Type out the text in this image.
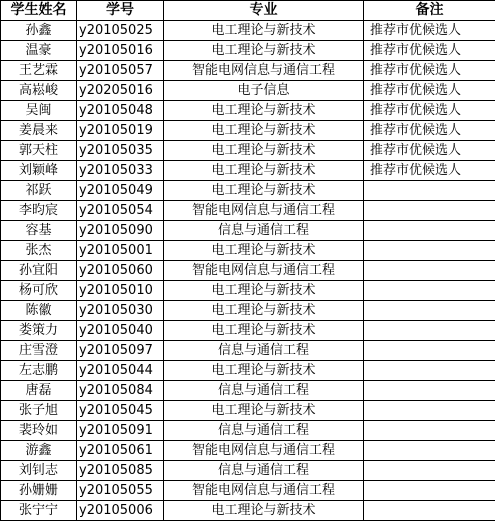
学生姓名	学号	专业	备注
孙鑫	y20105025	电工理论与新技术	推荐市优候选人
温豪	y20105016	电工理论与新技术	推荐市优候选人
王艺霖	y20105057	智能电网信息与通信工程	推荐市优候选人
高崧峻	y20205016	电子信息	推荐市优候选人
吴闽	y20105048	电工理论与新技术	推荐市优候选人
姜晨来	y20105019	电工理论与新技术	推荐市优候选人
郭天柱	y20105035	电工理论与新技术	推荐市优候选人
刘颖峰	y20105033	电工理论与新技术	推荐市优候选人
祁跃	y20105049	电工理论与新技术	
李昀宸	y20105054	智能电网信息与通信工程	
容基	y20105090	信息与通信工程	
张杰	y20105001	电工理论与新技术	
孙宜阳	y20105060	智能电网信息与通信工程	
杨可欣	y20105010	电工理论与新技术	
陈徽	y20105030	电工理论与新技术	
娄策力	y20105040	电工理论与新技术	
庄雪澄	y20105097	信息与通信工程	
左志鹏	y20105044	电工理论与新技术	
唐磊	y20105084	信息与通信工程	
张子旭	y20105045	电工理论与新技术	
裴玲如	y20105091	信息与通信工程	
游鑫	y20105061	智能电网信息与通信工程	
刘钊志	y20105085	信息与通信工程	
孙姗姗	y20105055	智能电网信息与通信工程	
张宁宁	y20105006	电工理论与新技术	
